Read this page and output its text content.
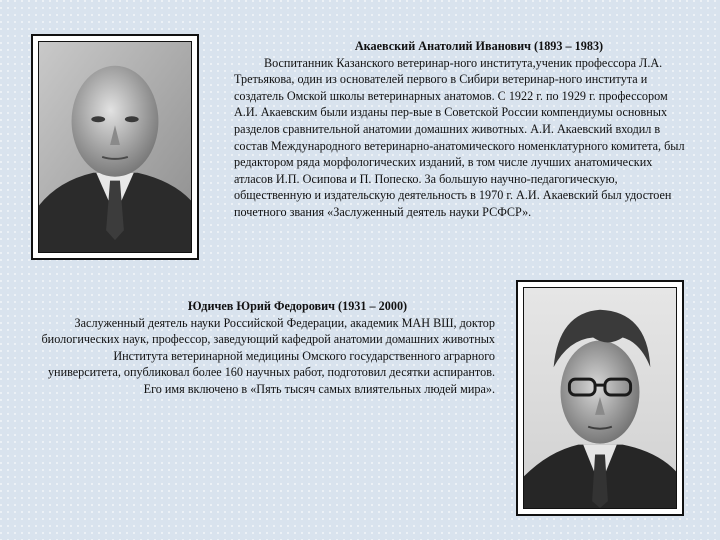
Акаевский Анатолий Иванович (1893 – 1983)
Воспитанник Казанского ветеринар-ного института,ученик профессора Л.А. Третьякова, один из основателей первого в Сибири ветеринар-ного института и создатель Омской школы ветеринарных анатомов. С 1922 г. по 1929 г. профессором А.И. Акаевским были изданы пер-вые в Советской России компендиумы основных разделов сравнительной анатомии домашних животных. А.И. Акаевский входил в состав Международного ветеринарно-анатомического номенклатурного комитета, был редактором ряда морфологических изданий, в том числе лучших анатомических атласов И.П. Осипова и П. Попеско. За большую научно-педагогическую, общественную и издательскую деятельность в 1970 г. А.И. Акаевский был удостоен почетного звания «Заслуженный деятель науки РСФСР».
Юдичев Юрий Федорович (1931 – 2000)
Заслуженный деятель науки Российской Федерации, академик МАН ВШ, доктор биологических наук, профессор, заведующий кафедрой анатомии домашних животных Института ветеринарной медицины Омского государственного аграрного университета, опубликовал более 160 научных работ, подготовил десятки аспирантов. Его имя включено в «Пять тысяч самых влиятельных людей мира».
